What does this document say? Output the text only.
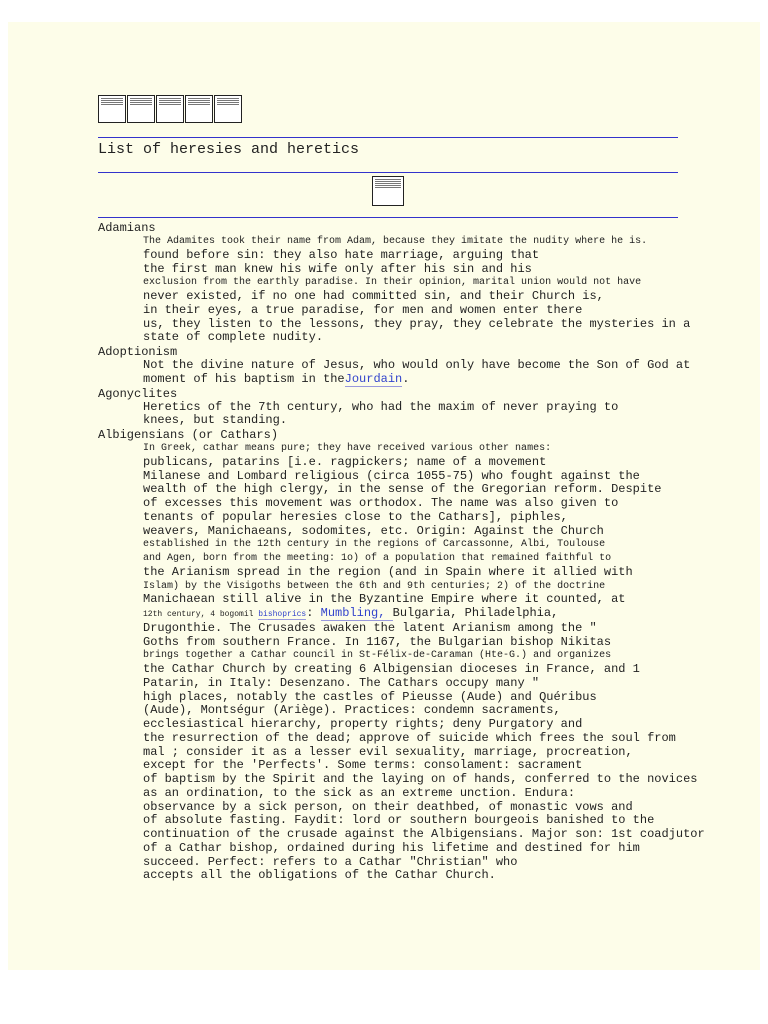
List of heresies and heretics
Adamians
The Adamites took their name from Adam, because they imitate the nudity where he is.
found before sin: they also hate marriage, arguing that
the first man knew his wife only after his sin and his
exclusion from the earthly paradise. In their opinion, marital union would not have
never existed, if no one had committed sin, and their Church is,
in their eyes, a true paradise, for men and women enter there
us, they listen to the lessons, they pray, they celebrate the mysteries in a
state of complete nudity.
Adoptionism
Not the divine nature of Jesus, who would only have become the Son of God at
moment of his baptism in theJourdain.
Agonyclites
Heretics of the 7th century, who had the maxim of never praying to
knees, but standing.
Albigensians (or Cathars)
In Greek, cathar means pure; they have received various other names:
publicans, patarins [i.e. ragpickers; name of a movement
Milanese and Lombard religious (circa 1055-75) who fought against the
wealth of the high clergy, in the sense of the Gregorian reform. Despite
of excesses this movement was orthodox. The name was also given to
tenants of popular heresies close to the Cathars], piphles,
weavers, Manichaeans, sodomites, etc. Origin: Against the Church
established in the 12th century in the regions of Carcassonne, Albi, Toulouse
and Agen, born from the meeting: 1o) of a population that remained faithful to
the Arianism spread in the region (and in Spain where it allied with
Islam) by the Visigoths between the 6th and 9th centuries; 2) of the doctrine
Manichaean still alive in the Byzantine Empire where it counted, at
12th century, 4 bogomil bishoprics: Mumbling, Bulgaria, Philadelphia,
Drugonthie. The Crusades awaken the latent Arianism among the "
Goths from southern France. In 1167, the Bulgarian bishop Nikitas
brings together a Cathar council in St-Félix-de-Caraman (Hte-G.) and organizes
the Cathar Church by creating 6 Albigensian dioceses in France, and 1
Patarin, in Italy: Desenzano. The Cathars occupy many "
high places, notably the castles of Pieusse (Aude) and Quéribus
(Aude), Montségur (Ariège). Practices: condemn sacraments,
ecclesiastical hierarchy, property rights; deny Purgatory and
the resurrection of the dead; approve of suicide which frees the soul from
mal ; consider it as a lesser evil sexuality, marriage, procreation,
except for the 'Perfects'. Some terms: consolament: sacrament
of baptism by the Spirit and the laying on of hands, conferred to the novices
as an ordination, to the sick as an extreme unction. Endura:
observance by a sick person, on their deathbed, of monastic vows and
of absolute fasting. Faydit: lord or southern bourgeois banished to the
continuation of the crusade against the Albigensians. Major son: 1st coadjutor
of a Cathar bishop, ordained during his lifetime and destined for him
succeed. Perfect: refers to a Cathar "Christian" who
accepts all the obligations of the Cathar Church.
